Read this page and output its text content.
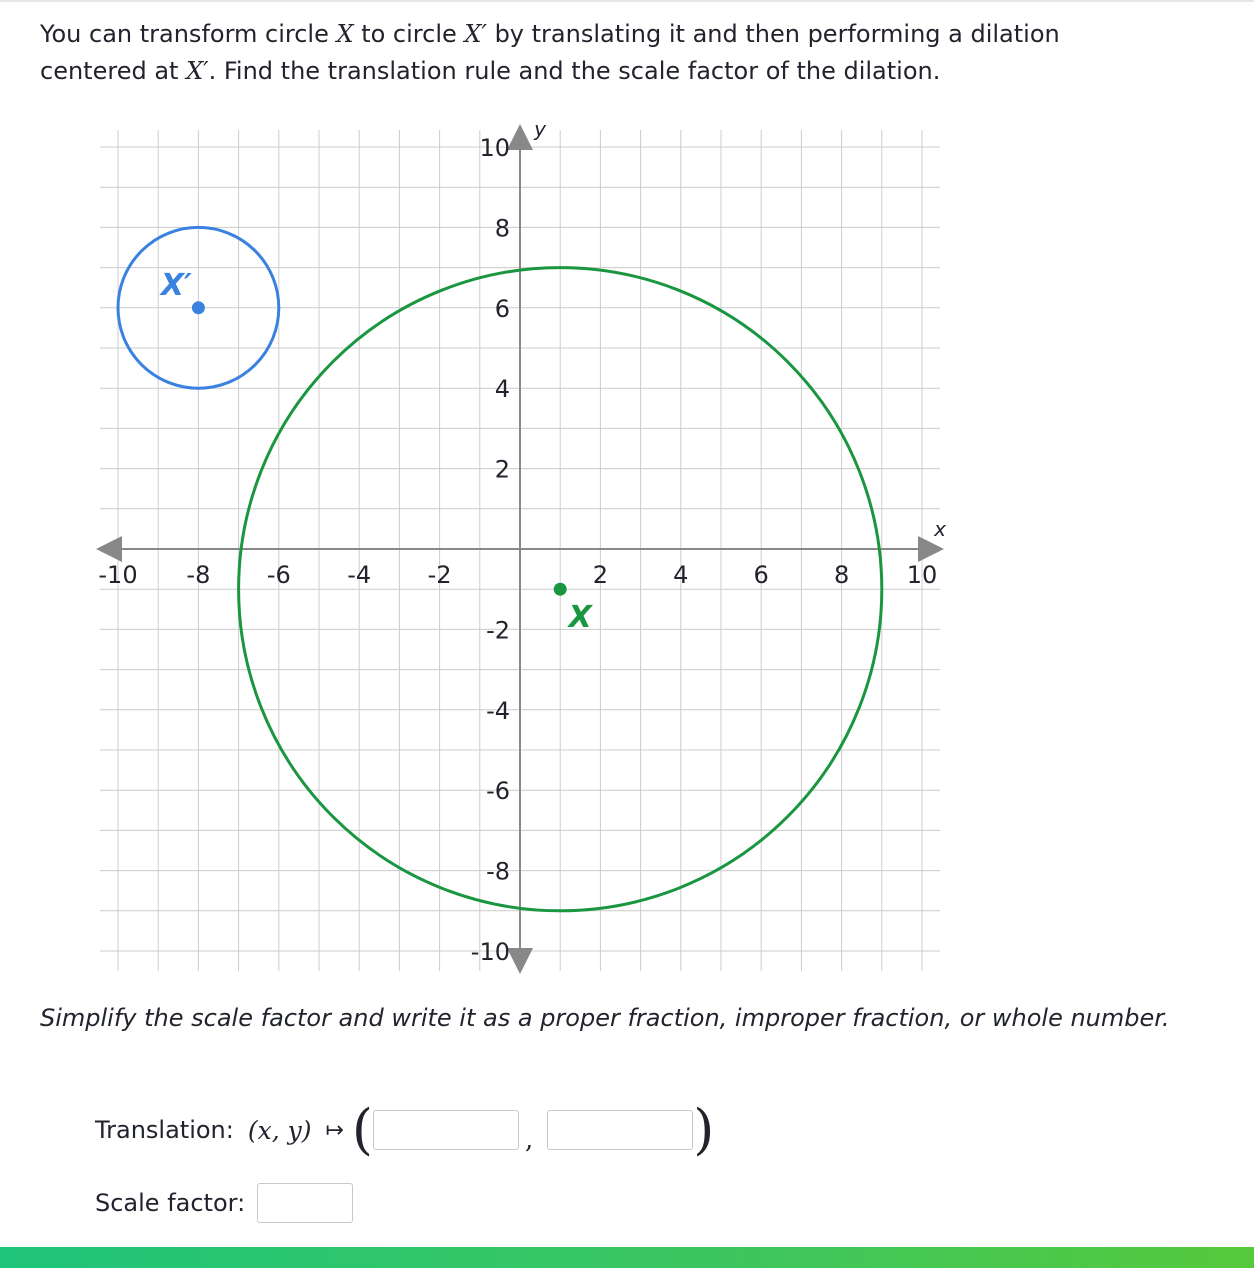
You can transform circle X to circle X′ by translating it and then performing a dilation
centered at X′. Find the translation rule and the scale factor of the dilation.

x
y
-10 -8 -6 -4 -2	2	4	6	8 10
10
8
6
4
2
-2
-4
-6
-8
-10
X
X′

Simplify the scale factor and write it as a proper fraction, improper fraction, or whole number.

Translation: (x, y) ↦ (	,	)
Scale factor:
